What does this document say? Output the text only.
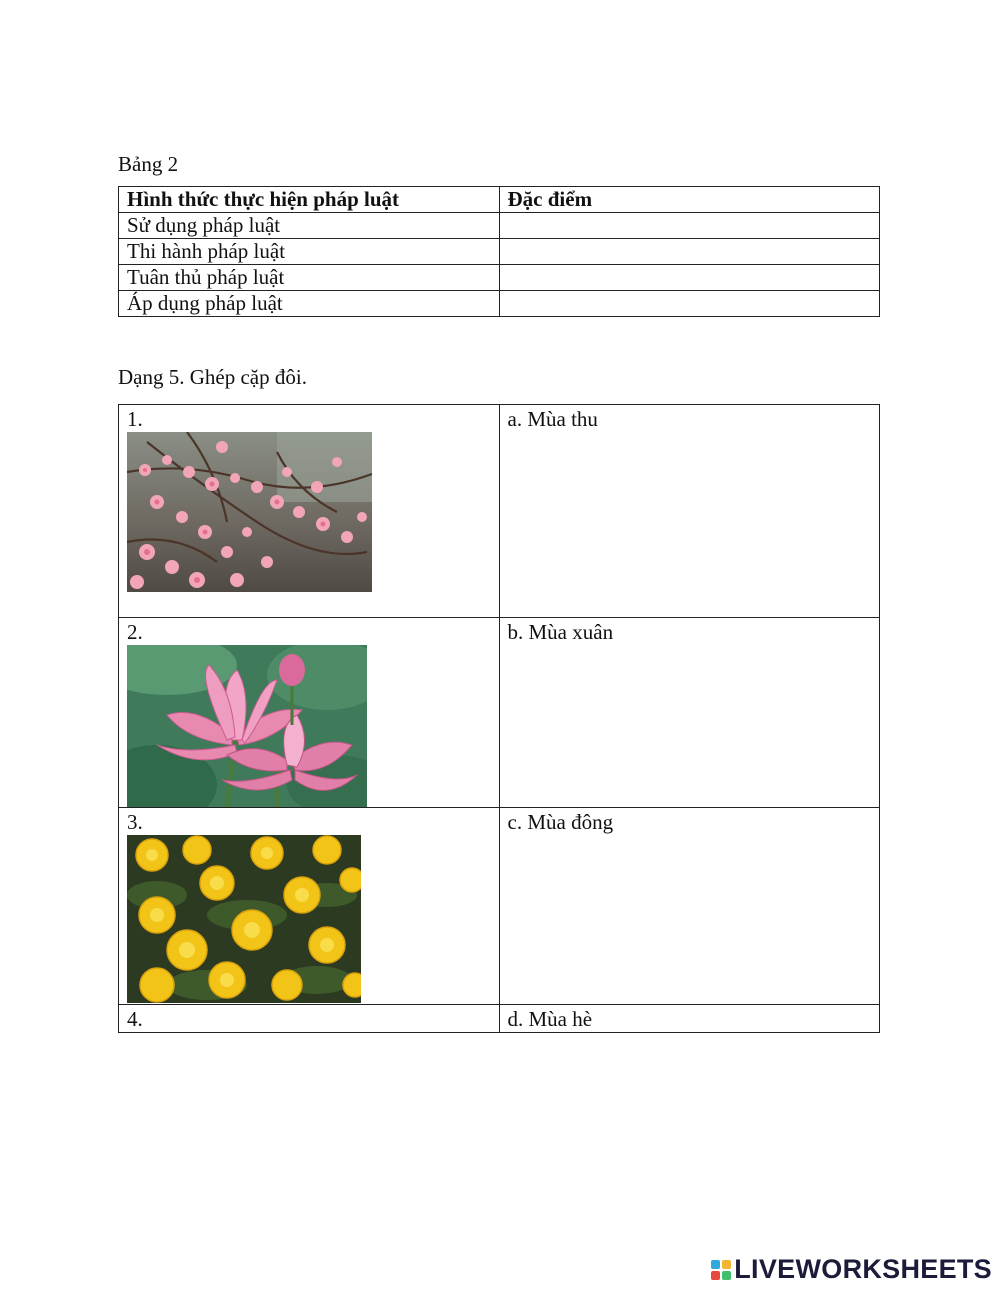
Bảng 2
Hình thức thực hiện pháp luật	Đặc điểm
Sử dụng pháp luật	
Thi hành pháp luật	
Tuân thủ pháp luật	
Áp dụng pháp luật	
Dạng 5. Ghép cặp đôi.
1.	a. Mùa thu

2.	b. Mùa xuân

3.	c. Mùa đông

4.	d. Mùa hè
LIVEWORKSHEETS
